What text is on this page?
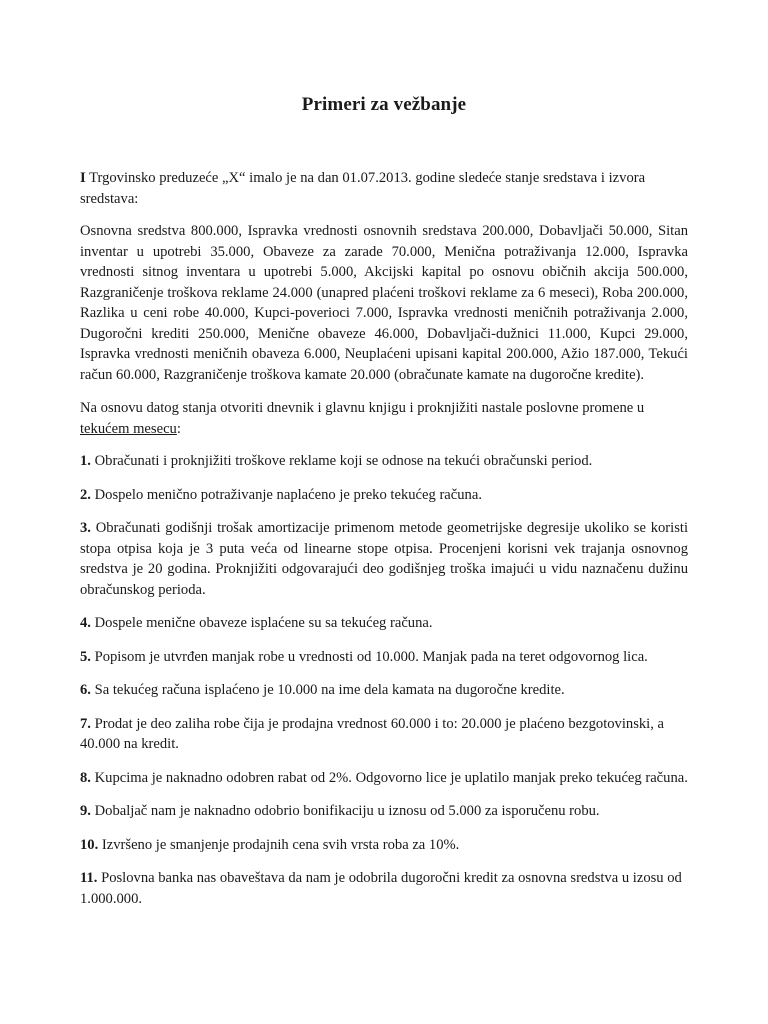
Primeri za vežbanje

I Trgovinsko preduzeće „X“ imalo je na dan 01.07.2013. godine sledeće stanje sredstava i izvora sredstava:

Osnovna sredstva 800.000, Ispravka vrednosti osnovnih sredstava 200.000, Dobavljači 50.000, Sitan inventar u upotrebi 35.000, Obaveze za zarade 70.000, Menična potraživanja 12.000, Ispravka vrednosti sitnog inventara u upotrebi 5.000, Akcijski kapital po osnovu običnih akcija 500.000, Razgraničenje troškova reklame 24.000 (unapred plaćeni troškovi reklame za 6 meseci), Roba 200.000, Razlika u ceni robe 40.000, Kupci-poverioci 7.000, Ispravka vrednosti meničnih potraživanja 2.000, Dugoročni krediti 250.000, Menične obaveze 46.000, Dobavljači-dužnici 11.000, Kupci 29.000, Ispravka vrednosti meničnih obaveza 6.000, Neuplaćeni upisani kapital 200.000, Ažio 187.000, Tekući račun 60.000, Razgraničenje troškova kamate 20.000 (obračunate kamate na dugoročne kredite).

Na osnovu datog stanja otvoriti dnevnik i glavnu knjigu i proknjižiti nastale poslovne promene u tekućem mesecu:

1. Obračunati i proknjižiti troškove reklame koji se odnose na tekući obračunski period.

2. Dospelo menično potraživanje naplaćeno je preko tekućeg računa.

3. Obračunati godišnji trošak amortizacije primenom metode geometrijske degresije ukoliko se koristi stopa otpisa koja je 3 puta veća od linearne stope otpisa. Procenjeni korisni vek trajanja osnovnog sredstva je 20 godina. Proknjižiti odgovarajući deo godišnjeg troška imajući u vidu naznačenu dužinu obračunskog perioda.

4. Dospele menične obaveze isplaćene su sa tekućeg računa.

5. Popisom je utvrđen manjak robe u vrednosti od 10.000. Manjak pada na teret odgovornog lica.

6. Sa tekućeg računa isplaćeno je 10.000 na ime dela kamata na dugoročne kredite.

7. Prodat je deo zaliha robe čija je prodajna vrednost 60.000 i to: 20.000 je plaćeno bezgotovinski, a 40.000 na kredit.

8. Kupcima je naknadno odobren rabat od 2%. Odgovorno lice je uplatilo manjak preko tekućeg računa.

9. Dobaljač nam je naknadno odobrio bonifikaciju u iznosu od 5.000 za isporučenu robu.

10. Izvršeno je smanjenje prodajnih cena svih vrsta roba za 10%.

11. Poslovna banka nas obaveštava da nam je odobrila dugoročni kredit za osnovna sredstva u izosu od 1.000.000.
